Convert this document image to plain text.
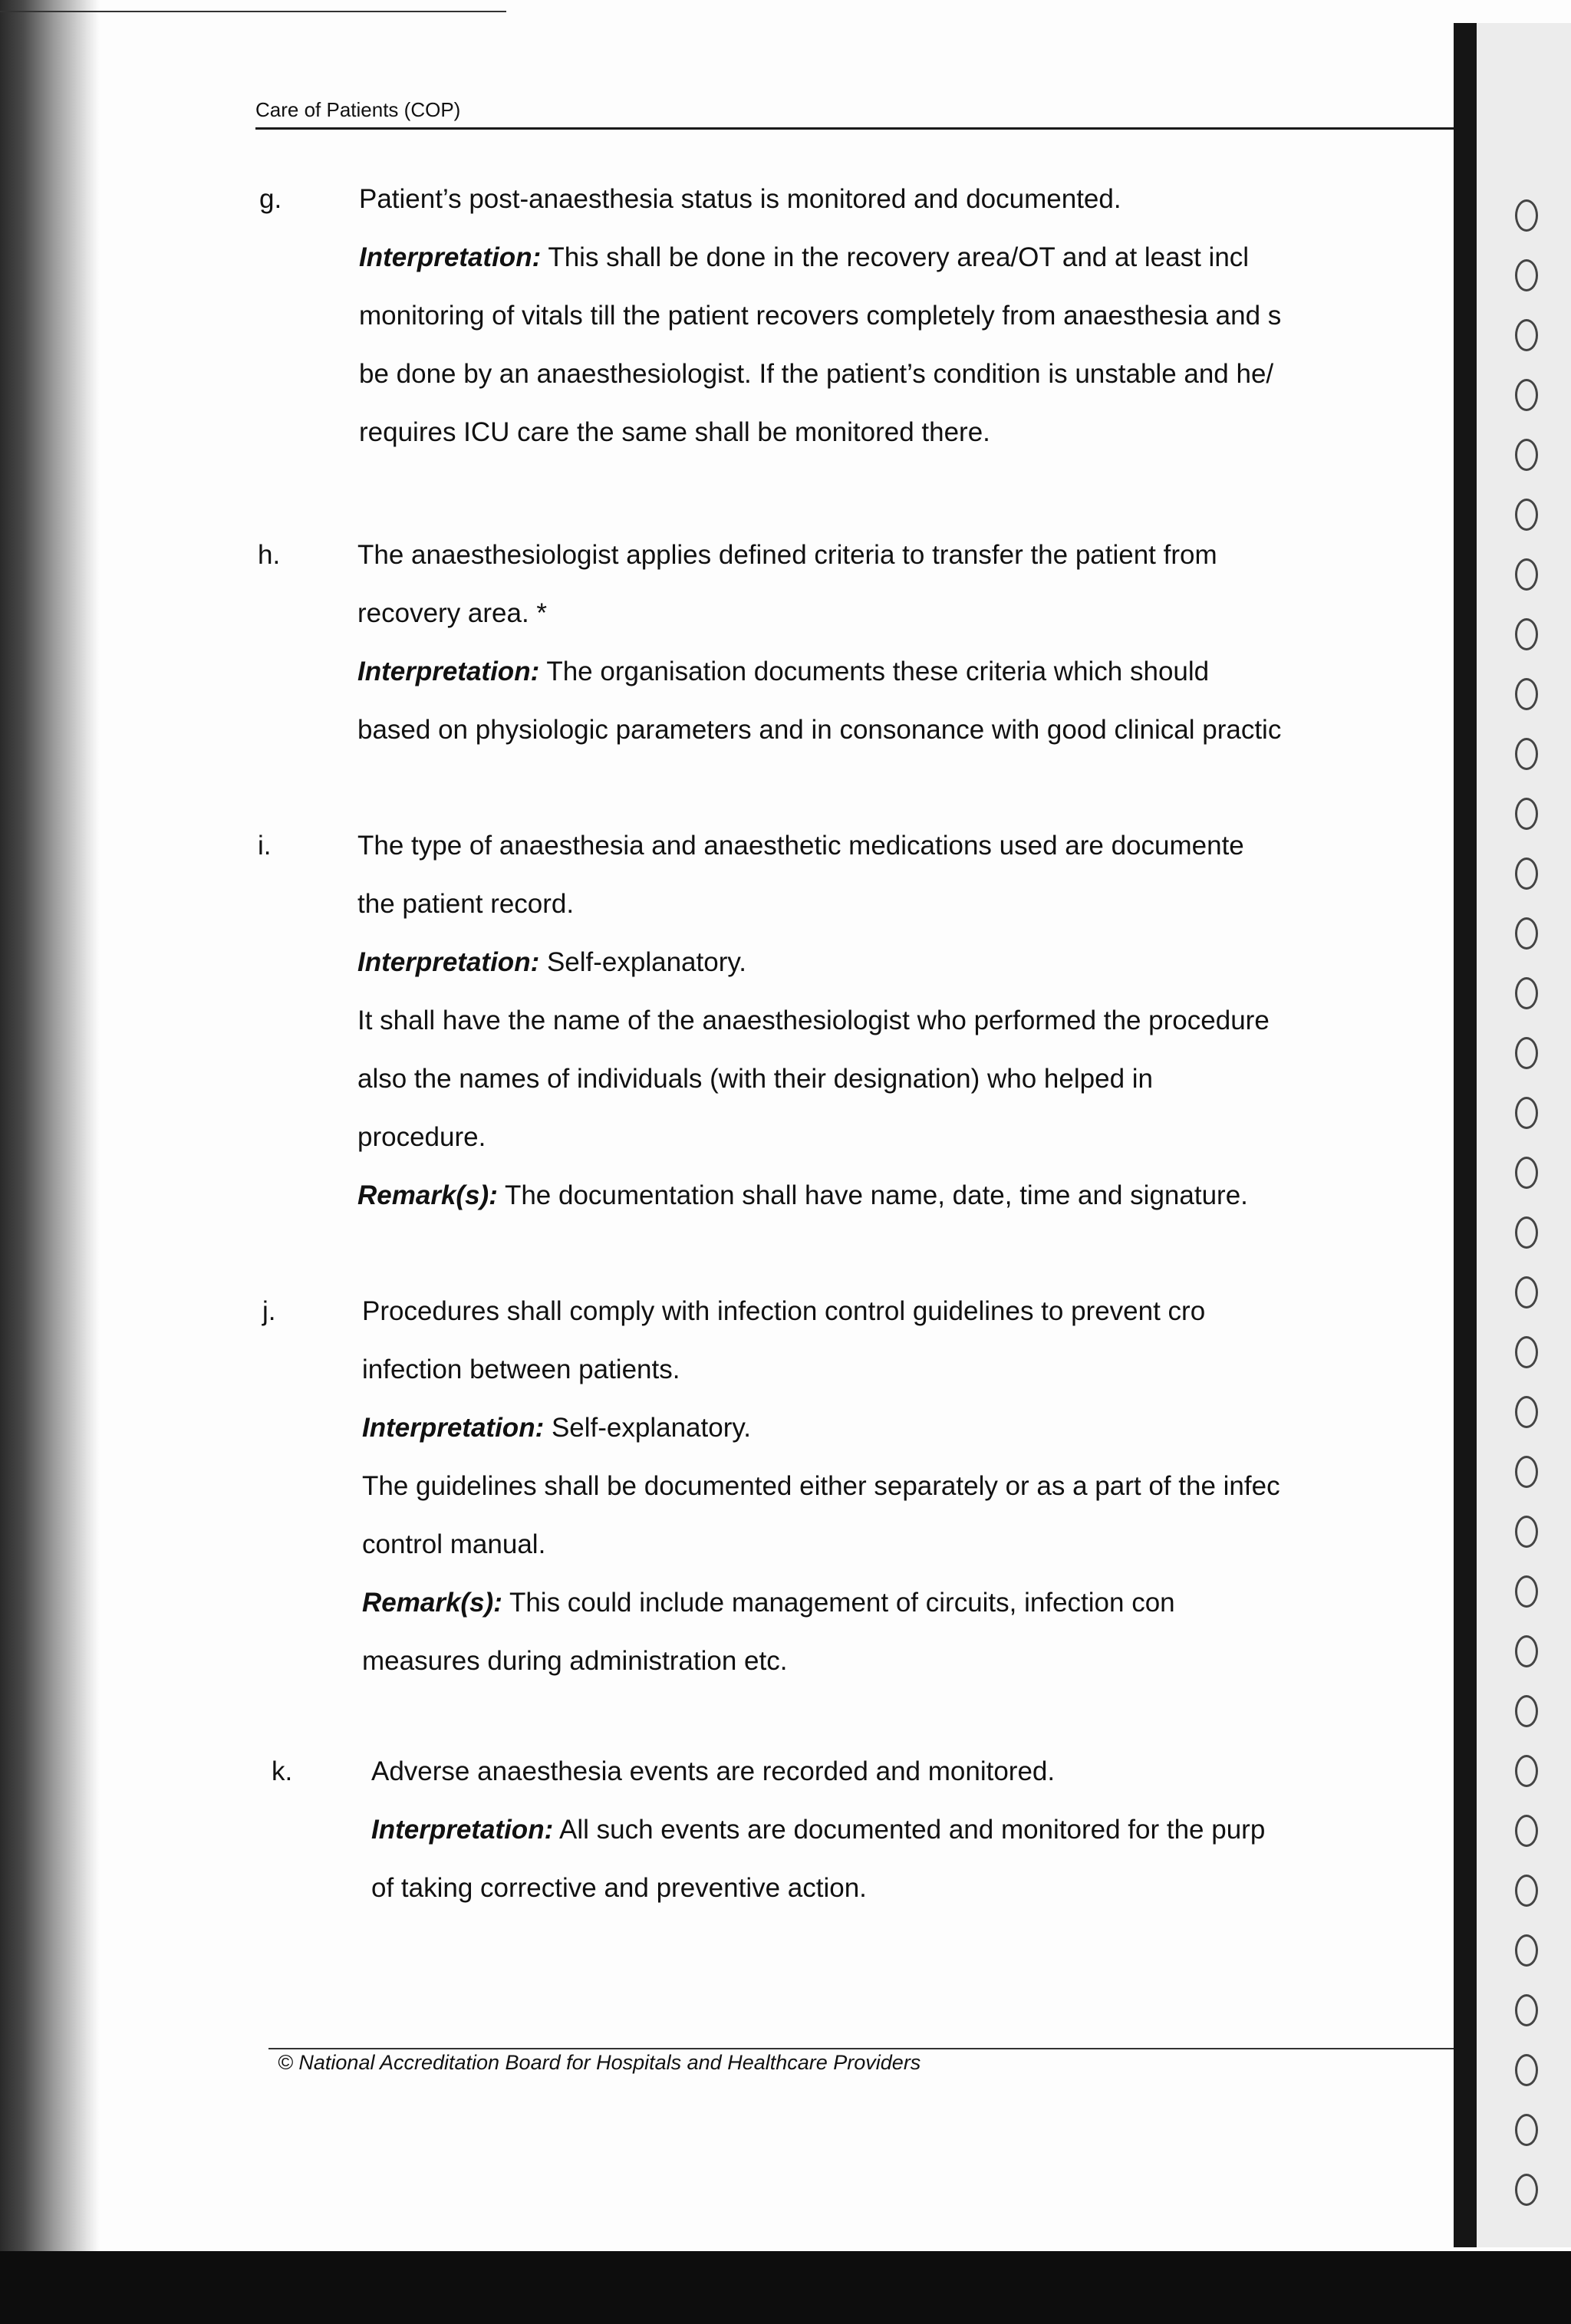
Care of Patients (COP)
g.	Patient’s post-anaesthesia status is monitored and documented.
Interpretation: This shall be done in the recovery area/OT and at least incl
monitoring of vitals till the patient recovers completely from anaesthesia and s
be done by an anaesthesiologist. If the patient’s condition is unstable and he/
requires ICU care the same shall be monitored there.
h.	The anaesthesiologist applies defined criteria to transfer the patient from
recovery area. *
Interpretation: The organisation documents these criteria which should
based on physiologic parameters and in consonance with good clinical practic
i.	The type of anaesthesia and anaesthetic medications used are documente
the patient record.
Interpretation: Self-explanatory.
It shall have the name of the anaesthesiologist who performed the procedure
also the names of individuals (with their designation) who helped in
procedure.
Remark(s): The documentation shall have name, date, time and signature.
j.	Procedures shall comply with infection control guidelines to prevent cro
infection between patients.
Interpretation: Self-explanatory.
The guidelines shall be documented either separately or as a part of the infec
control manual.
Remark(s): This could include management of circuits, infection con
measures during administration etc.
k.	Adverse anaesthesia events are recorded and monitored.
Interpretation: All such events are documented and monitored for the purp
of taking corrective and preventive action.
© National Accreditation Board for Hospitals and Healthcare Providers
